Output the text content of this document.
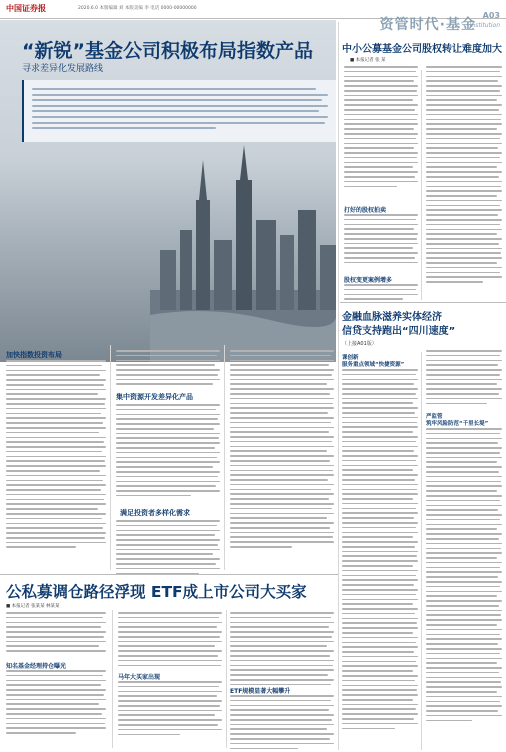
中国证券报	2020.6.0 本版编辑 刘 本版美编 李 电话 0000-00000000
资管时代·基金
A03
Institution
“新锐”基金公司积极布局指数产品
寻求差异化发展路线
加快指数投资布局
集中资源开发差异化产品
满足投资者多样化需求
中小公募基金公司股权转让难度加大
■ 本报记者 张 某
打好的股权拍卖
股权变更案例增多
金融血脉滋养实体经济
信贷支持跑出“四川速度”
（上接A01版）
课创新
服务重点领域“快捷资源”
严监管
筑牢风险防范“千里长堤”
公私募调仓路径浮现 ETF成上市公司大买家
■ 本报记者 张某某 林某某
知名基金经理持仓曝光
马年大买家出现
ETF规模显著大幅攀升
